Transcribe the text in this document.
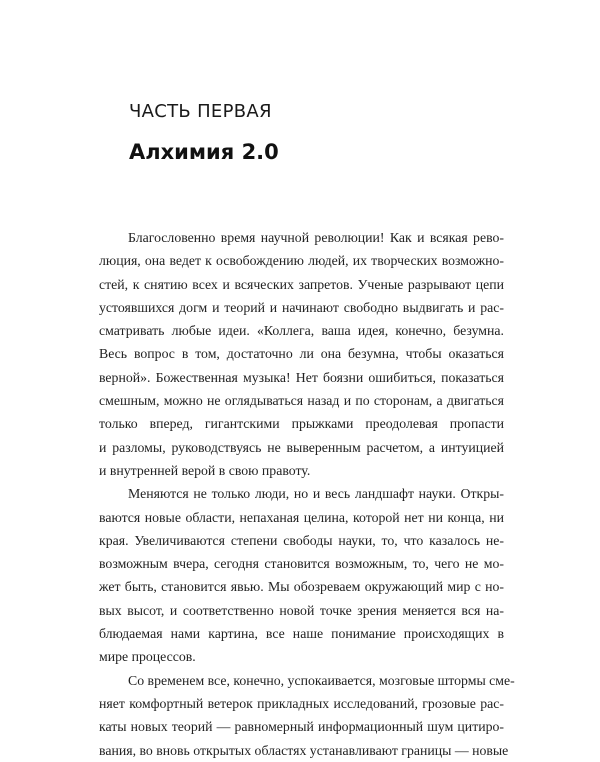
ЧАСТЬ ПЕРВАЯ
Алхимия 2.0
Благословенно время научной революции! Как и всякая рево-
люция, она ведет к освобождению людей, их творческих возможно-
стей, к снятию всех и всяческих запретов. Ученые разрывают цепи
устоявшихся догм и теорий и начинают свободно выдвигать и рас-
сматривать любые идеи. «Коллега, ваша идея, конечно, безумна.
Весь вопрос в том, достаточно ли она безумна, чтобы оказаться
верной». Божественная музыка! Нет боязни ошибиться, показаться
смешным, можно не оглядываться назад и по сторонам, а двигаться
только вперед, гигантскими прыжками преодолевая пропасти
и разломы, руководствуясь не выверенным расчетом, а интуицией
и внутренней верой в свою правоту.
Меняются не только люди, но и весь ландшафт науки. Откры-
ваются новые области, непаханая целина, которой нет ни конца, ни
края. Увеличиваются степени свободы науки, то, что казалось не-
возможным вчера, сегодня становится возможным, то, чего не мо-
жет быть, становится явью. Мы обозреваем окружающий мир с но-
вых высот, и соответственно новой точке зрения меняется вся на-
блюдаемая нами картина, все наше понимание происходящих в
мире процессов.
Со временем все, конечно, успокаивается, мозговые штормы сме-
няет комфортный ветерок прикладных исследований, грозовые рас-
каты новых теорий — равномерный информационный шум цитиро-
вания, во вновь открытых областях устанавливают границы — новые
